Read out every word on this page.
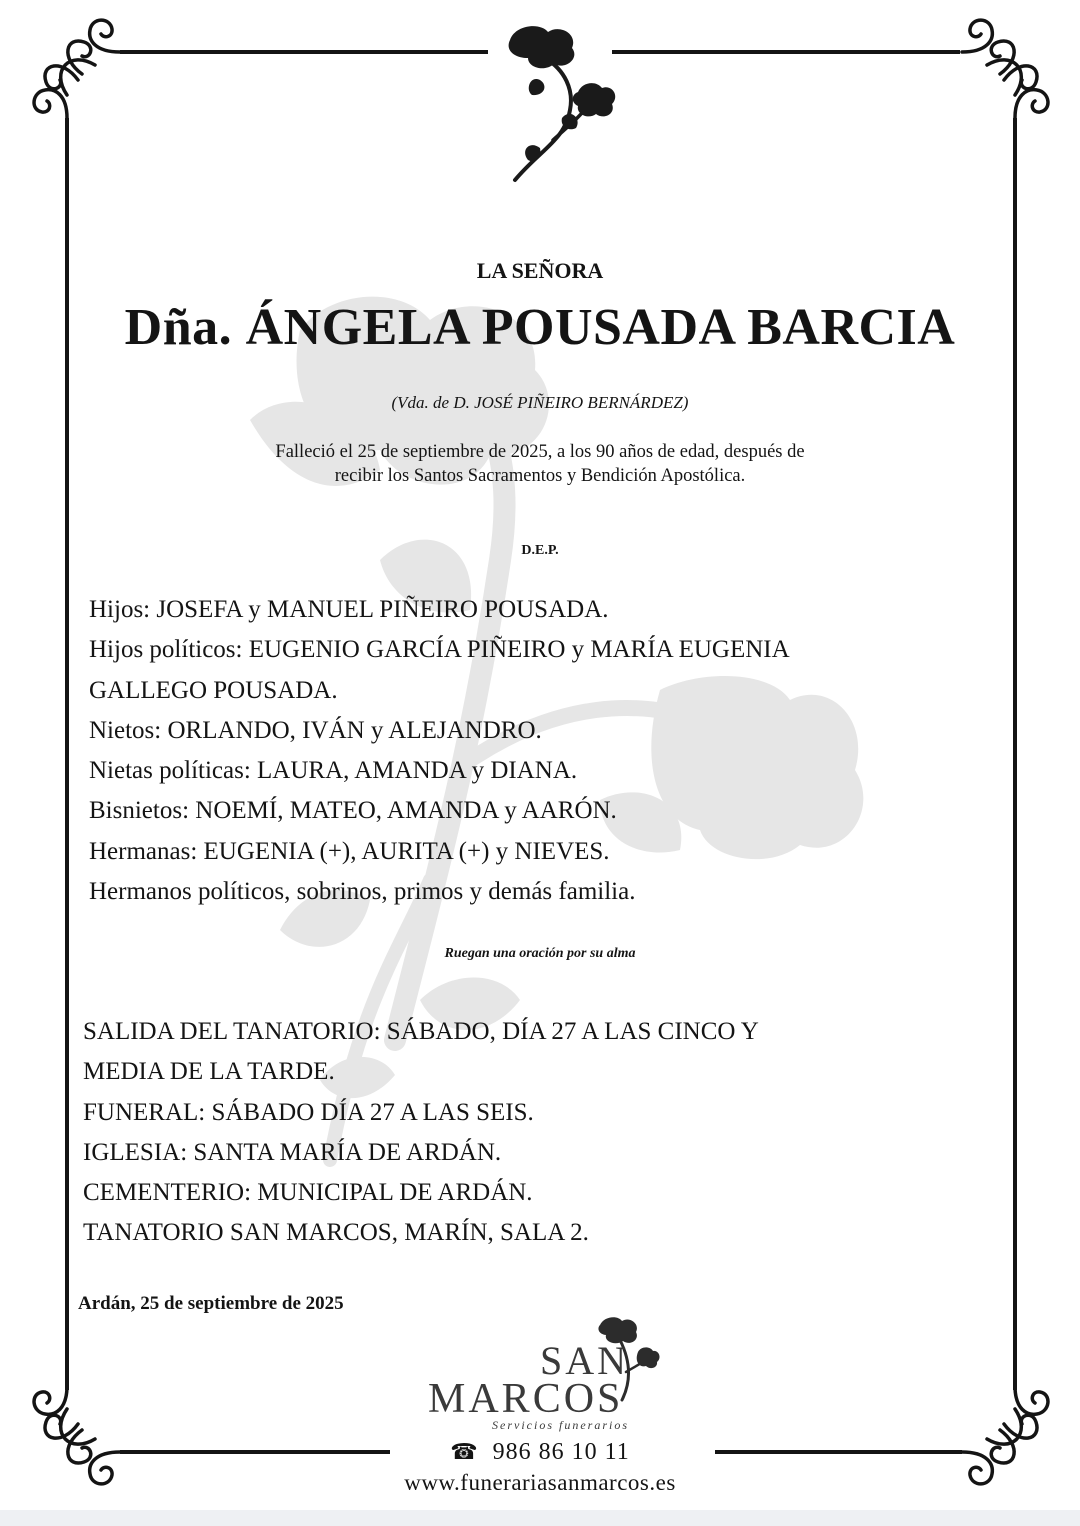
LA SEÑORA
Dña. ÁNGELA POUSADA BARCIA
(Vda. de D. JOSÉ PIÑEIRO BERNÁRDEZ)
Falleció el 25 de septiembre de 2025, a los 90 años de edad, después de
recibir los Santos Sacramentos y Bendición Apostólica.
D.E.P.
Hijos: JOSEFA y MANUEL PIÑEIRO POUSADA.
Hijos políticos: EUGENIO GARCÍA PIÑEIRO y MARÍA EUGENIA
GALLEGO POUSADA.
Nietos: ORLANDO, IVÁN y ALEJANDRO.
Nietas políticas: LAURA, AMANDA y DIANA.
Bisnietos: NOEMÍ, MATEO, AMANDA y AARÓN.
Hermanas: EUGENIA (+), AURITA (+) y NIEVES.
Hermanos políticos, sobrinos, primos y demás familia.
Ruegan una oración por su alma
SALIDA DEL TANATORIO: SÁBADO, DÍA 27 A LAS CINCO Y
MEDIA DE LA TARDE.
FUNERAL: SÁBADO DÍA 27 A LAS SEIS.
IGLESIA: SANTA MARÍA DE ARDÁN.
CEMENTERIO: MUNICIPAL DE ARDÁN.
TANATORIO SAN MARCOS, MARÍN, SALA 2.
Ardán, 25 de septiembre de 2025
SAN
MARCOS
Servicios funerarios
☎ 986 86 10 11
www.funerariasanmarcos.es
